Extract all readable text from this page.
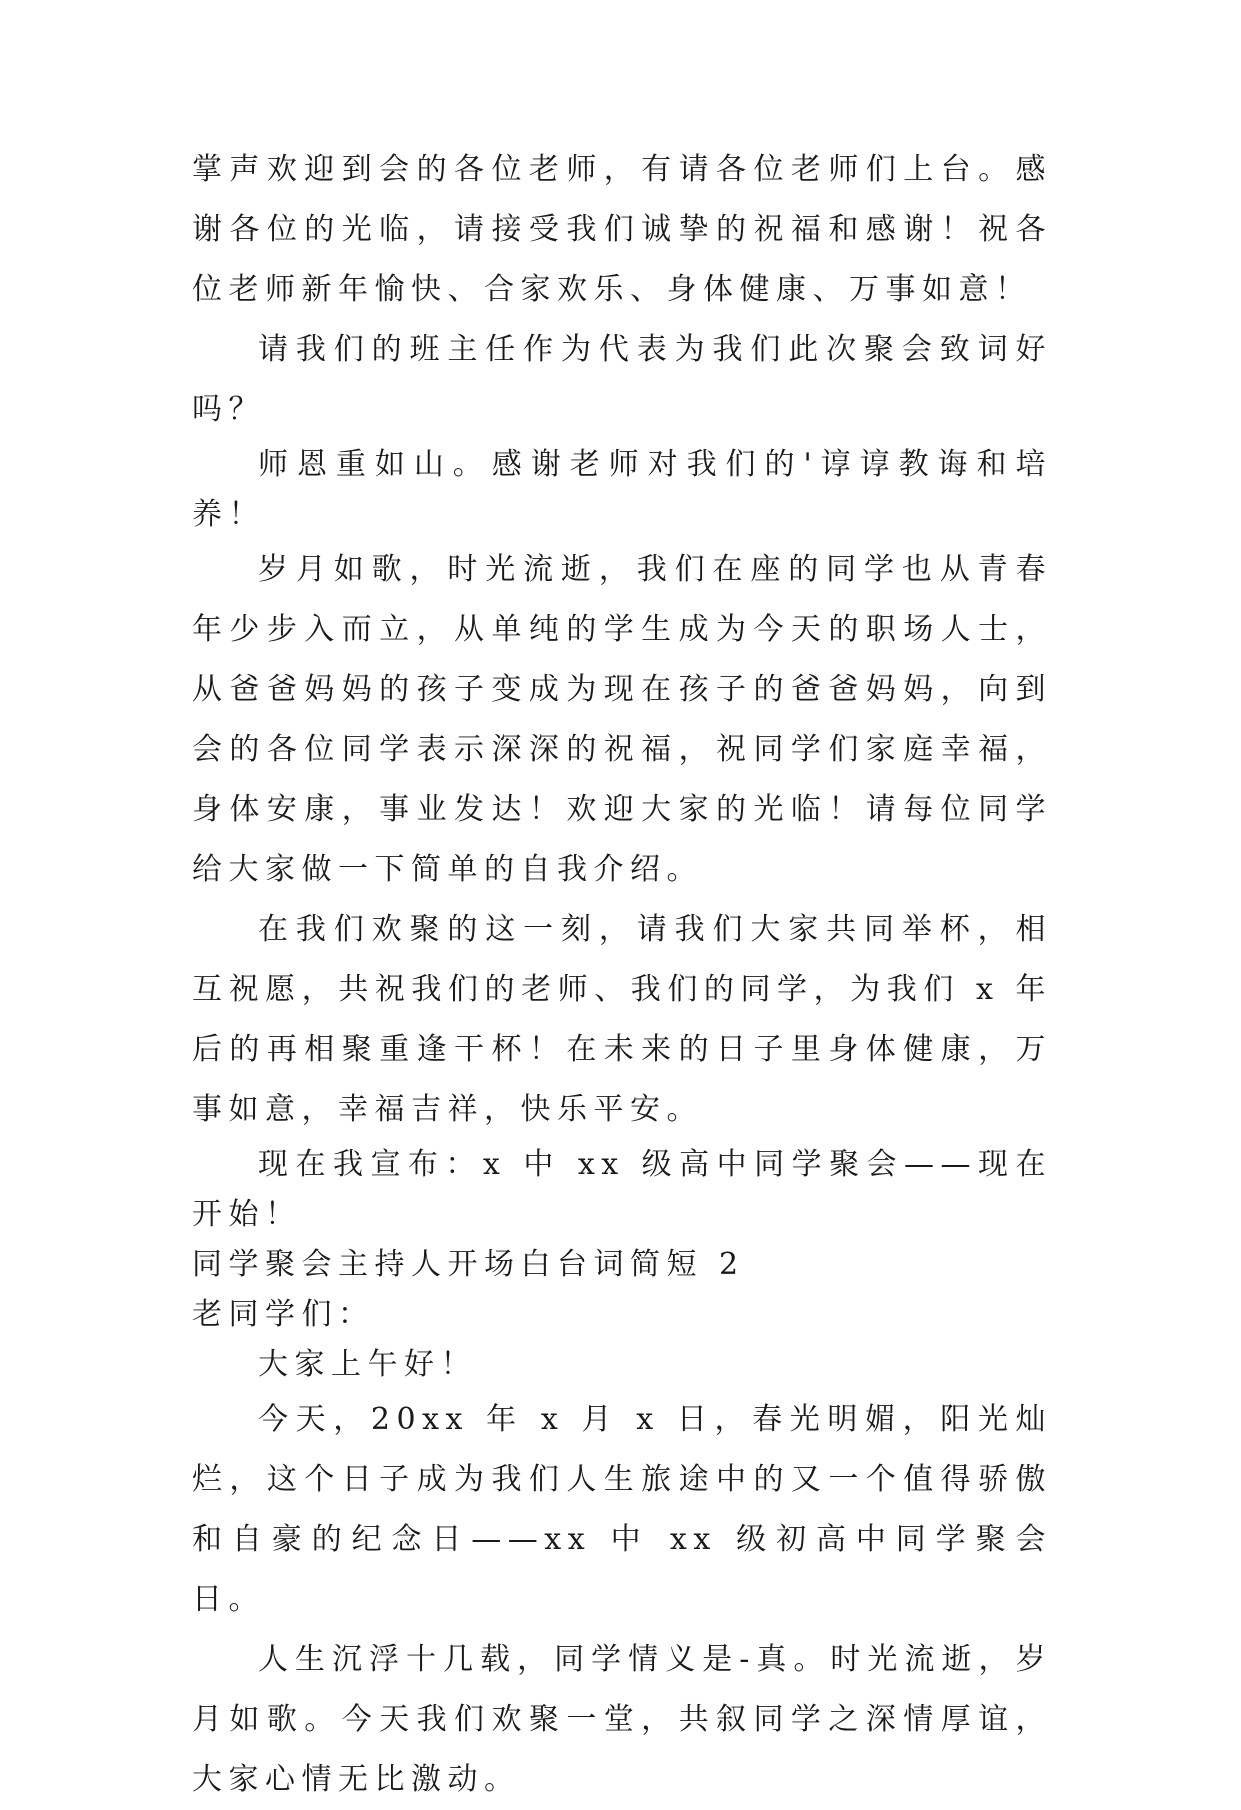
掌声欢迎到会的各位老师，有请各位老师们上台。感谢各位的光临，请接受我们诚挚的祝福和感谢！祝各位老师新年愉快、合家欢乐、身体健康、万事如意！

请我们的班主任作为代表为我们此次聚会致词好吗？

师恩重如山。感谢老师对我们的'谆谆教诲和培养！

岁月如歌，时光流逝，我们在座的同学也从青春年少步入而立，从单纯的学生成为今天的职场人士，从爸爸妈妈的孩子变成为现在孩子的爸爸妈妈，向到会的各位同学表示深深的祝福，祝同学们家庭幸福，身体安康，事业发达！欢迎大家的光临！请每位同学给大家做一下简单的自我介绍。

在我们欢聚的这一刻，请我们大家共同举杯，相互祝愿，共祝我们的老师、我们的同学，为我们 x 年后的再相聚重逢干杯！在未来的日子里身体健康，万事如意，幸福吉祥，快乐平安。

现在我宣布：x 中 xx 级高中同学聚会——现在开始！

同学聚会主持人开场白台词简短 2

老同学们：

大家上午好！

今天，20xx 年 x 月 x 日，春光明媚，阳光灿烂，这个日子成为我们人生旅途中的又一个值得骄傲和自豪的纪念日——xx 中 xx 级初高中同学聚会日。

人生沉浮十几载，同学情义是-真。时光流逝，岁月如歌。今天我们欢聚一堂，共叙同学之深情厚谊，大家心情无比激动。
